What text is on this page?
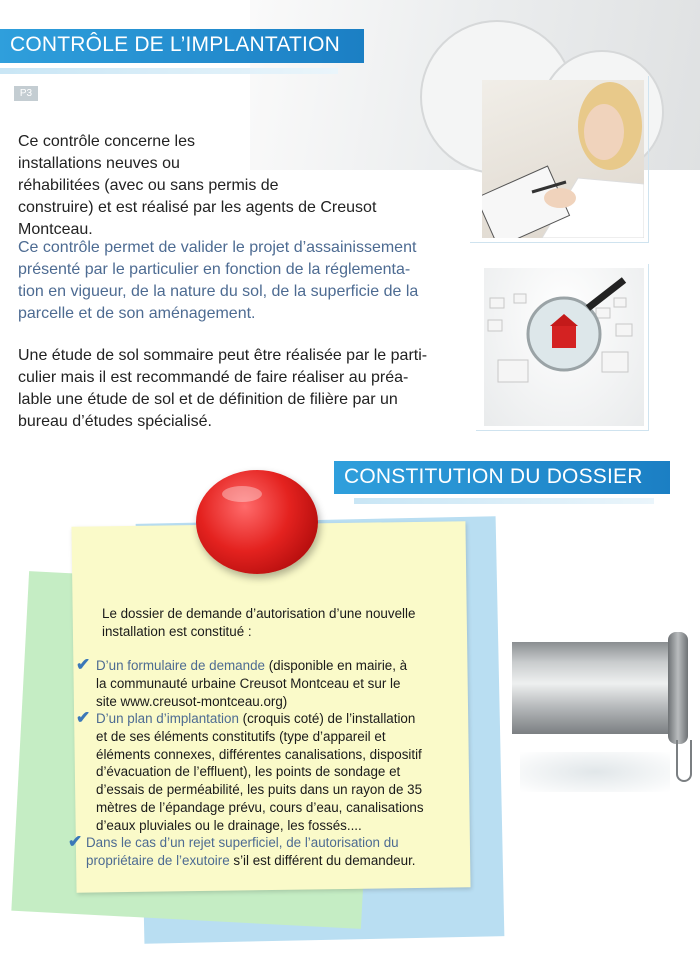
CONTRÔLE DE L’IMPLANTATION
P3
Ce contrôle concerne les
installations neuves ou
réhabilitées (avec ou sans permis de
construire) et est réalisé par les agents de Creusot
Montceau.
Ce contrôle permet de valider le projet d’assainissement
présenté par le particulier en fonction de la réglementa-
tion en vigueur, de la nature du sol, de la superficie de la
parcelle et de son aménagement.
Une étude de sol sommaire peut être réalisée par le parti-
culier mais il est recommandé de faire réaliser au préa-
lable une étude de sol et de définition de filière par un
bureau d’études spécialisé.
CONSTITUTION DU DOSSIER
Le dossier de demande d’autorisation d’une nouvelle
installation est constitué :
✔ D’un formulaire de demande (disponible en mairie, à
la communauté urbaine Creusot Montceau et sur le
site www.creusot-montceau.org)
✔ D’un plan d’implantation (croquis coté) de l’installation
et de ses éléments constitutifs (type d’appareil et
éléments connexes, différentes canalisations, dispositif
d’évacuation de l’effluent), les points de sondage et
d’essais de perméabilité, les puits dans un rayon de 35
mètres de l’épandage prévu, cours d’eau, canalisations
d’eaux pluviales ou le drainage, les fossés....
✔ Dans le cas d’un rejet superficiel, de l’autorisation du
propriétaire de l’exutoire s’il est différent du demandeur.
